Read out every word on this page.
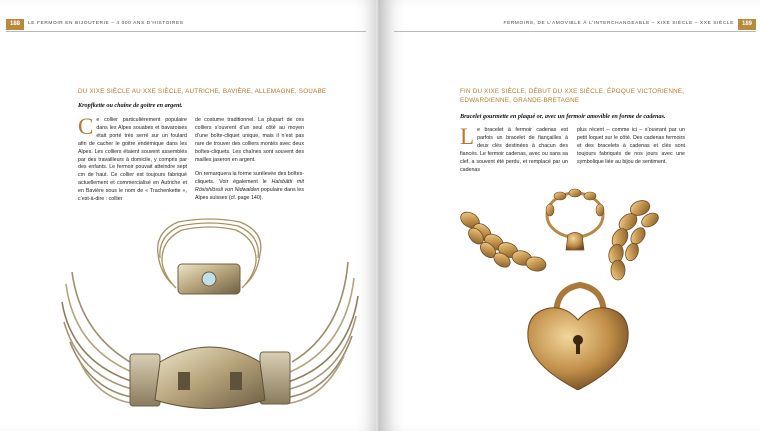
188	LE FERMOIR EN BIJOUTERIE – 4 000 ANS D’HISTOIRES
DU XIXE SIÈCLE AU XXE SIÈCLE, AUTRICHE, BAVIÈRE, ALLEMAGNE, SOUABE
Kropfkette ou chaîne de goitre en argent.
Ce collier particulièrement populaire dans les Alpes souabes et bavaroises était porté très serré sur un foulard afin de cacher le goitre endémique dans les Alpes. Les colliers étaient souvent assemblés par des travailleurs à domicile, y compris par des enfants. Le fermoir pouvait atteindre sept cm de haut. Ce collier est toujours fabriqué actuellement et commercialisé en Autriche et en Bavière sous le nom de « Trachenkette », c’est-à-dire : collier

de costume traditionnel. La plupart de ces colliers s’ouvrent d’un seul côté au moyen d’une boîte-cliquet unique, mais il n’est pas rare de trouver des colliers montés avec deux boîtes-cliquets. Les chaînes sont souvent des mailles jaseron en argent.

On remarquera la forme surélevée des boîtes-cliquets. Voir également le Halsbätti mit Rösishlössli von Nidwalden populaire dans les Alpes suisses (cf. page 140).

FERMOIRS, DE L’AMOVIBLE À L’INTERCHANGEABLE – XIXE SIÈCLE – XXE SIÈCLE	189
FIN DU XIXE SIÈCLE, DÉBUT DU XXE SIÈCLE, ÉPOQUE VICTORIENNE, EDWARDIENNE, GRANDE-BRETAGNE
Bracelet gourmette en plaqué or, avec un fermoir amovible en forme de cadenas.
Le bracelet à fermoir cadenas est parfois un bracelet de fiançailles à deux clés destinées à chacun des fiancés. Le fermoir cadenas, avec ou sans sa clef, a souvent été perdu, et remplacé par un cadenas

plus récent – comme ici – s’ouvrant par un petit loquet sur le côté. Des cadenas fermoirs et des bracelets à cadenas et clés sont toujours fabriqués de nos jours avec une symbolique liée au bijou de sentiment.
